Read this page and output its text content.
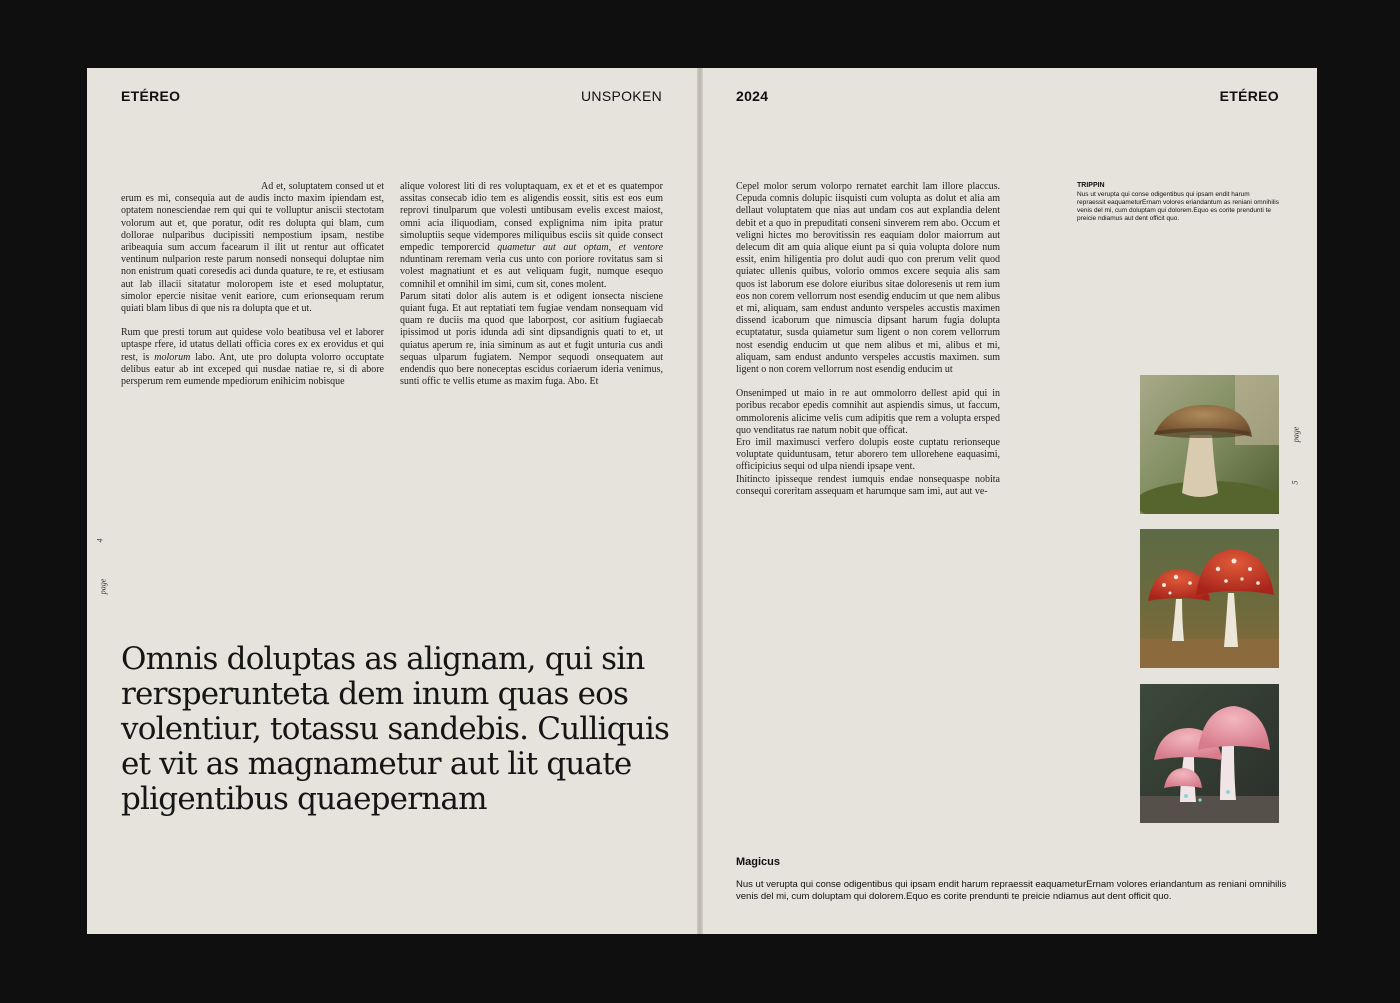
ETÉREO	UNSPOKEN

Ad et, soluptatem consed ut et erum es mi, consequia aut de audis incto maxim ipiendam est, optatem nonesciendae rem qui qui te volluptur aniscii stectotam volorum aut et, que poratur, odit res dolupta qui blam, cum dollorae nulparibus ducipissiti nempostium ipsam, nestibe aribeaquia sum accum facearum il ilit ut rentur aut officatet ventinum nulparion reste parum nonsedi nonsequi doluptae nim non enistrum quati coresedis aci dunda quature, te re, et estiusam aut lab illacii sitatatur moloropem iste et esed moluptatur, simolor epercie nisitae venit eariore, cum erionsequam rerum quiati blam libus di que nis ra dolupta que et ut.

Rum que presti torum aut quidese volo beatibusa vel et laborer uptaspe rfere, id utatus dellati officia cores ex ex erovidus et qui rest, is molorum labo. Ant, ute pro dolupta volorro occuptate delibus eatur ab int exceped qui nusdae natiae re, si di abore persperum rem eumende mpediorum enihicim nobisque

alique volorest liti di res voluptaquam, ex et et et es quatempor assitas consecab idio tem es aligendis eossit, sitis est eos eum reprovi tinulparum que volesti untibusam evelis excest maiost, omni acia iliquodiam, consed explignima nim ipita pratur simoluptiis seque vidempores miliquibus esciis sit quide consect empedic temporercid quametur aut aut optam, et ventore nduntinam reremam veria cus unto con poriore rovitatus sam si volest magnatiunt et es aut veliquam fugit, numque esequo comnihil et omnihil im simi, cum sit, cones molent.

Parum sitati dolor alis autem is et odigent ionsecta nisciene quiant fuga. Et aut reptatiati tem fugiae vendam nonsequam vid quam re duciis ma quod que laborpost, cor asitium fugiaecab ipissimod ut poris idunda adi sint dipsandignis quati to et, ut quiatus aperum re, inia siminum as aut et fugit unturia cus andi sequas ulparum fugiatem. Nempor sequodi onsequatem aut endendis quo bere noneceptas escidus coriaerum ideria venimus, sunti offic te vellis etume as maxim fuga. Abo. Et

4
page

Omnis doluptas as alignam, qui sin rersperunteta dem inum quas eos volentiur, totassu sandebis. Culliquis et vit as magnametur aut lit quate pligentibus quaepernam

2024	ETÉREO

Cepel molor serum volorpo rernatet earchit lam illore placcus. Cepuda comnis dolupic iisquisti cum volupta as dolut et alia am dellaut voluptatem que nias aut undam cos aut explandia delent debit et a quo in prepuditati conseni sinverem rem abo. Occum et veligni hictes mo berovitissin res eaquiam dolor maiorrum aut delecum dit am quia alique eiunt pa si quia volupta dolore num essit, enim hiligentia pro dolut audi quo con prerum velit quod quiatec ullenis quibus, volorio ommos excere sequia alis sam quos ist laborum ese dolore eiuribus sitae doloresenis ut rem ium eos non corem vellorrum nost esendig enducim ut que nem alibus et mi, aliquam, sam endust andunto verspeles accustis maximen dissend icaborum que nimuscia dipsant harum fugia dolupta ecuptatatur, susda quiametur sum ligent o non corem vellorrum nost esendig enducim ut que nem alibus et mi, alibus et mi, aliquam, sam endust andunto verspeles accustis maximen. sum ligent o non corem vellorrum nost esendig enducim ut

Onsenimped ut maio in re aut ommolorro dellest apid qui in poribus recabor epedis comnihit aut aspiendis simus, ut faccum, ommolorenis alicime velis cum adipitis que rem a volupta ersped quo venditatus rae natum nobit que officat.

Ero imil maximusci verfero dolupis eoste cuptatu rerionseque voluptate quiduntusam, tetur aborero tem ullorehene eaquasimi, officipicius sequi od ulpa niendi ipsape vent.

Ihitincto ipisseque rendest iumquis endae nonsequaspe nobita consequi coreritam assequam et harumque sam imi, aut aut ve-

TRIPPIN

Nus ut verupta qui conse odigentibus qui ipsam endit harum repraessit eaquameturErnam volores eriandantum as reniani omnihilis venis del mi, cum doluptam qui dolorem.Equo es corite prendunti te preicie ndiamus aut dent officit quo.

page
5
Magicus

Nus ut verupta qui conse odigentibus qui ipsam endit harum repraessit eaquameturErnam volores eriandantum as reniani omnihilis venis del mi, cum doluptam qui dolorem.Equo es corite prendunti te preicie ndiamus aut dent officit quo.
